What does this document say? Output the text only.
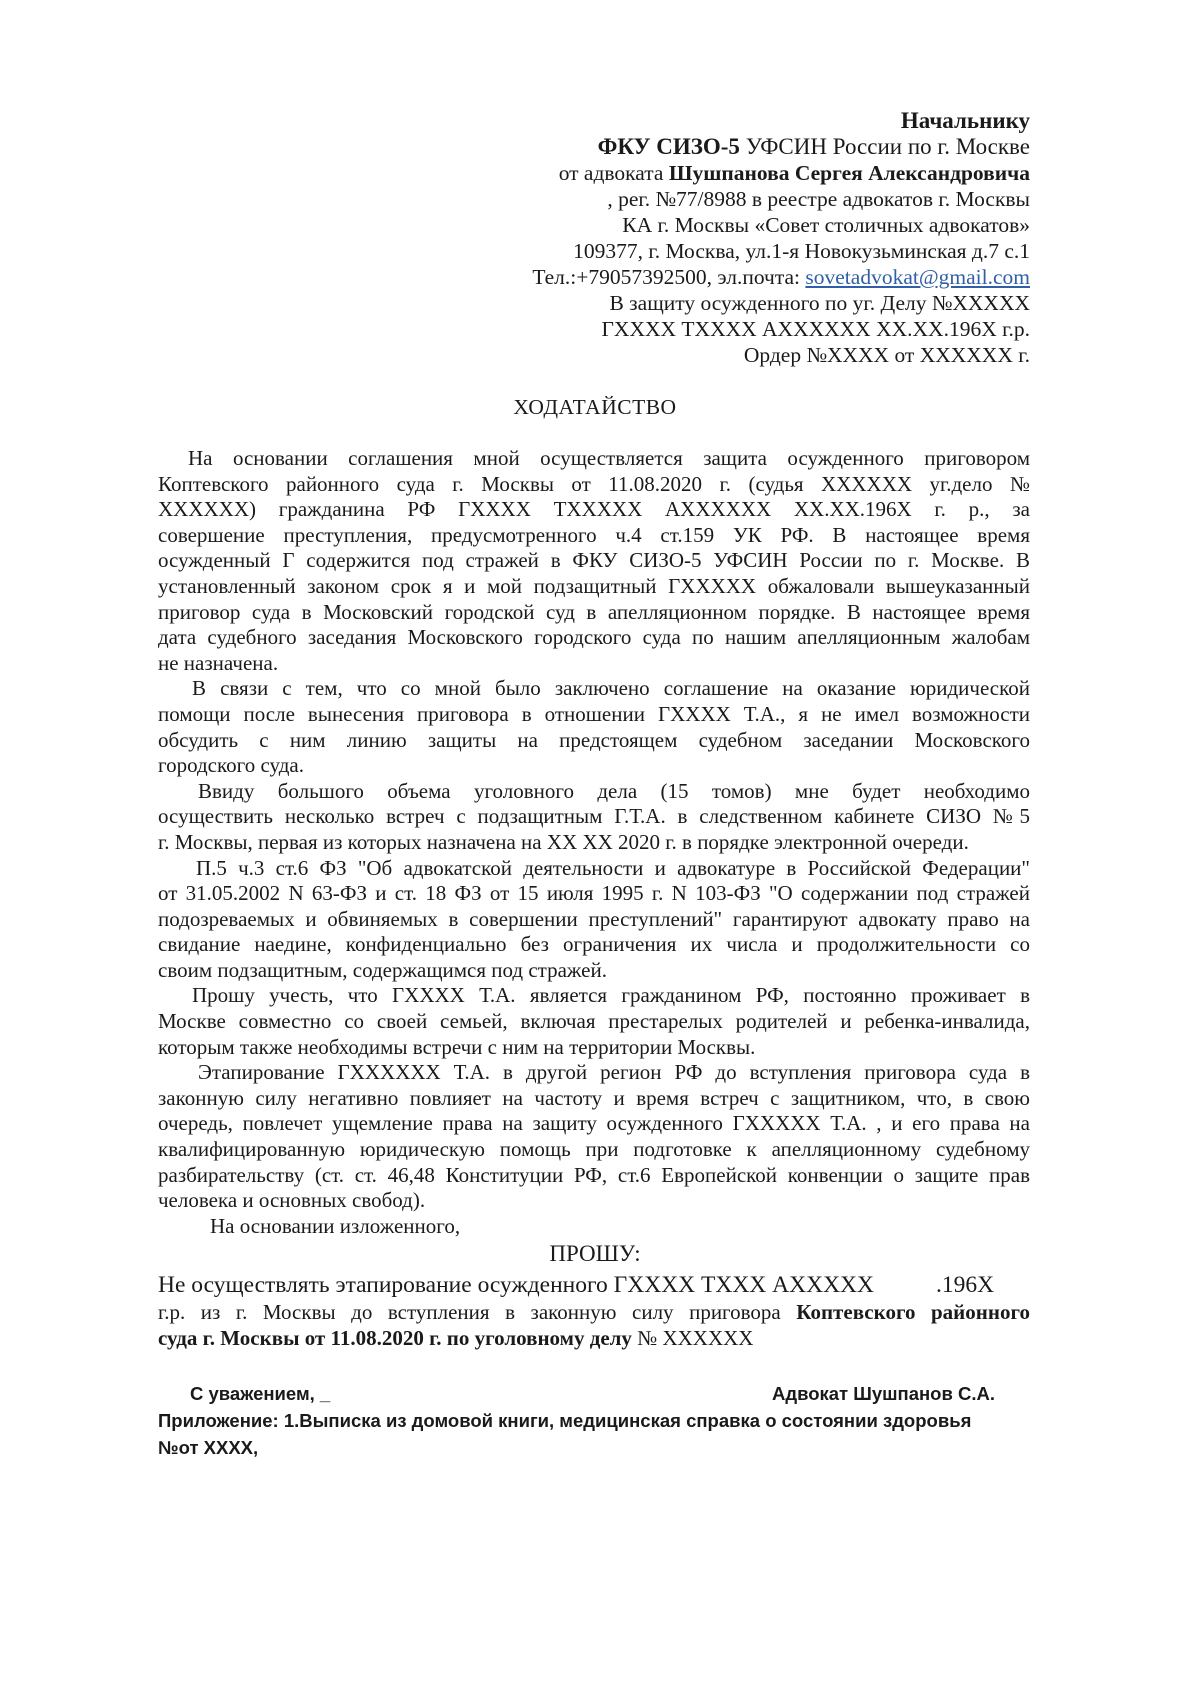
Начальнику
ФКУ СИЗО-5 УФСИН России по г. Москве
от адвоката Шушпанова Сергея Александровича
, рег. №77/8988 в реестре адвокатов г. Москвы
КА г. Москвы «Совет столичных адвокатов»
109377, г. Москва, ул.1-я Новокузьминская д.7 с.1
Тел.:+79057392500, эл.почта: sovetadvokat@gmail.com
В защиту осужденного по уг. Делу №ХХХХХ
ГХХХХ ТХХХХ АХХХХХХ ХХ.ХХ.196Х г.р.
Ордер №ХХХХ от ХХХХХХ г.
ХОДАТАЙСТВО
На основании соглашения мной осуществляется защита осужденного приговором
Коптевского районного суда г. Москвы от 11.08.2020 г. (судья ХХХХХХ уг.дело №
ХХХХХХ) гражданина РФ ГХХХХ ТХХХХХ АХХХХХХ ХХ.ХХ.196Х г. р., за
совершение преступления, предусмотренного ч.4 ст.159 УК РФ. В настоящее время
осужденный Г содержится под стражей в ФКУ СИЗО-5 УФСИН России по г. Москве. В
установленный законом срок я и мой подзащитный ГХХХХХ обжаловали вышеуказанный
приговор суда в Московский городской суд в апелляционном порядке. В настоящее время
дата судебного заседания Московского городского суда по нашим апелляционным жалобам
не назначена.
В связи с тем, что со мной было заключено соглашение на оказание юридической
помощи после вынесения приговора в отношении ГХХХХ Т.А., я не имел возможности
обсудить с ним линию защиты на предстоящем судебном заседании Московского
городского суда.
Ввиду большого объема уголовного дела (15 томов) мне будет необходимо
осуществить несколько встреч с подзащитным Г.Т.А. в следственном кабинете СИЗО №5
г. Москвы, первая из которых назначена на ХХ ХХ 2020 г. в порядке электронной очереди.
П.5 ч.3 ст.6 ФЗ "Об адвокатской деятельности и адвокатуре в Российской Федерации"
от 31.05.2002 N 63-ФЗ и ст. 18 ФЗ от 15 июля 1995 г. N 103-ФЗ "О содержании под стражей
подозреваемых и обвиняемых в совершении преступлений" гарантируют адвокату право на
свидание наедине, конфиденциально без ограничения их числа и продолжительности со
своим подзащитным, содержащимся под стражей.
Прошу учесть, что ГХХХХ Т.А. является гражданином РФ, постоянно проживает в
Москве совместно со своей семьей, включая престарелых родителей и ребенка-инвалида,
которым также необходимы встречи с ним на территории Москвы.
Этапирование ГХХХХХХ Т.А. в другой регион РФ до вступления приговора суда в
законную силу негативно повлияет на частоту и время встреч с защитником, что, в свою
очередь, повлечет ущемление права на защиту осужденного ГХХХХХ Т.А. , и его права на
квалифицированную юридическую помощь при подготовке к апелляционному судебному
разбирательству (ст. ст. 46,48 Конституции РФ, ст.6 Европейской конвенции о защите прав
человека и основных свобод).
На основании изложенного,
ПРОШУ:
Не осуществлять этапирование осужденного ГХХХХ ТХХХ АХХХХХ	.196Х
г.р. из г. Москвы до вступления в законную силу приговора Коптевского районного
суда г. Москвы от 11.08.2020 г. по уголовному делу № ХХХХХХ
С уважением, _	Адвокат Шушпанов С.А.
Приложение: 1.Выписка из домовой книги, медицинская справка о состоянии здоровья
№от ХХХХ,
